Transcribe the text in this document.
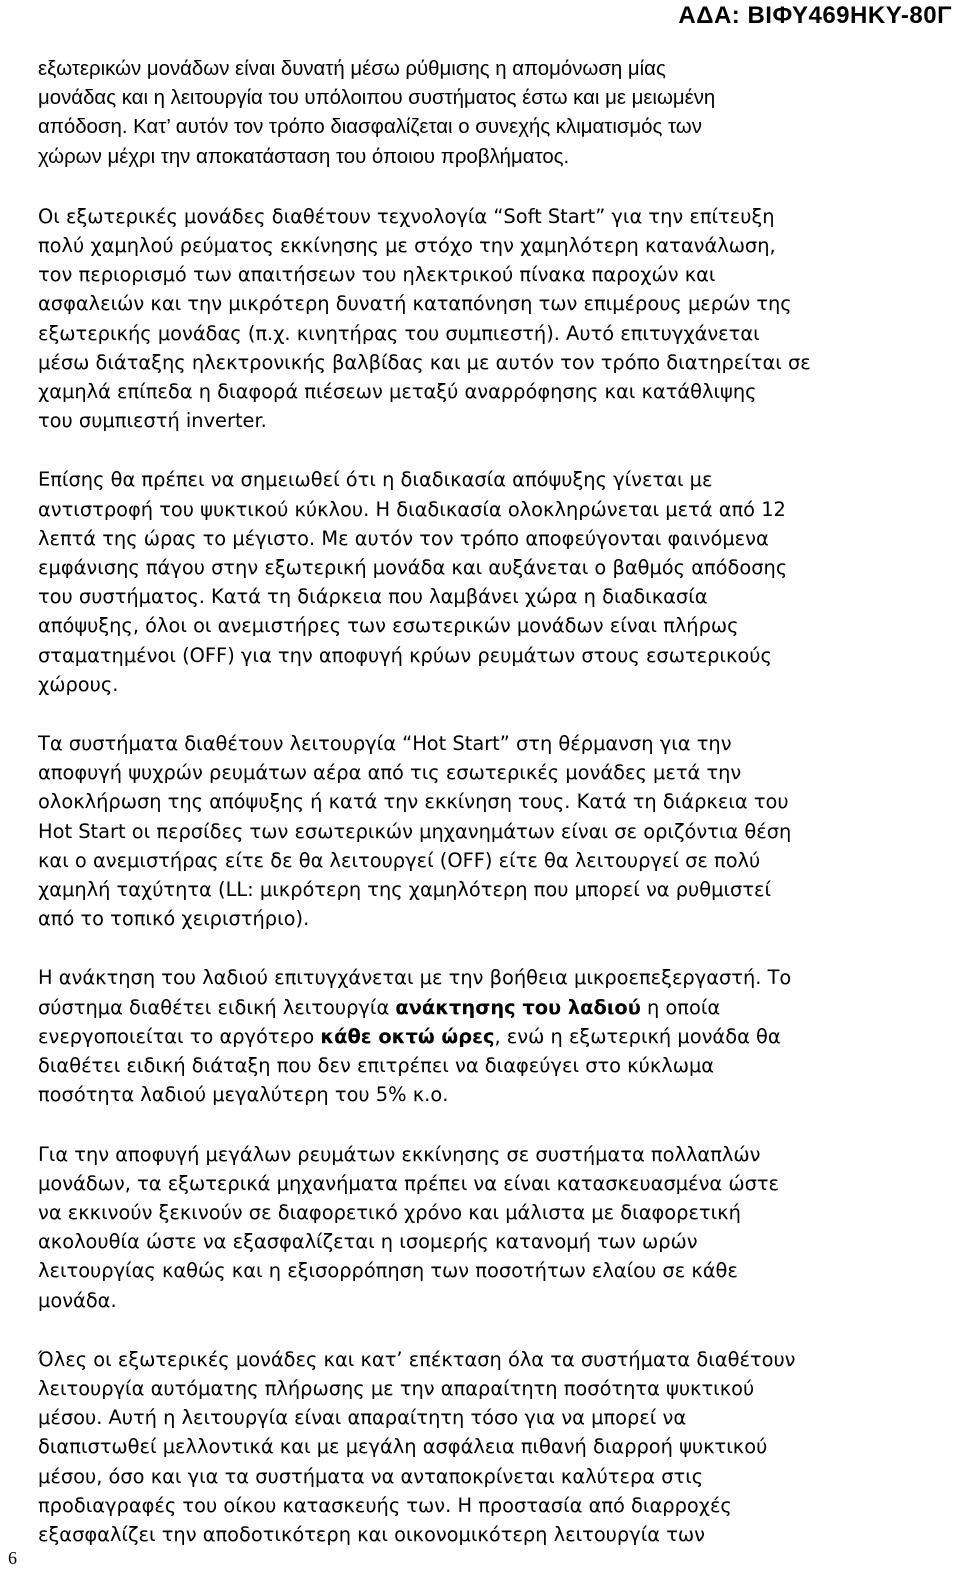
ΑΔΑ: ΒΙΦΥ469ΗΚΥ-80Γ

εξωτερικών μονάδων είναι δυνατή μέσω ρύθμισης η απομόνωση μίας
μονάδας και η λειτουργία του υπόλοιπου συστήματος έστω και με μειωμένη
απόδοση. Κατ’ αυτόν τον τρόπο διασφαλίζεται ο συνεχής κλιματισμός των
χώρων μέχρι την αποκατάσταση του όποιου προβλήματος.

Οι εξωτερικές μονάδες διαθέτουν τεχνολογία “Soft Start” για την επίτευξη
πολύ χαμηλού ρεύματος εκκίνησης με στόχο την χαμηλότερη κατανάλωση,
τον περιορισμό των απαιτήσεων του ηλεκτρικού πίνακα παροχών και
ασφαλειών και την μικρότερη δυνατή καταπόνηση των επιμέρους μερών της
εξωτερικής μονάδας (π.χ. κινητήρας του συμπιεστή). Αυτό επιτυγχάνεται
μέσω διάταξης ηλεκτρονικής βαλβίδας και με αυτόν τον τρόπο διατηρείται σε
χαμηλά επίπεδα η διαφορά πιέσεων μεταξύ αναρρόφησης και κατάθλιψης
του συμπιεστή inverter.

Επίσης θα πρέπει να σημειωθεί ότι η διαδικασία απόψυξης γίνεται με
αντιστροφή του ψυκτικού κύκλου. Η διαδικασία ολοκληρώνεται μετά από 12
λεπτά της ώρας το μέγιστο. Με αυτόν τον τρόπο αποφεύγονται φαινόμενα
εμφάνισης πάγου στην εξωτερική μονάδα και αυξάνεται ο βαθμός απόδοσης
του συστήματος. Κατά τη διάρκεια που λαμβάνει χώρα η διαδικασία
απόψυξης, όλοι οι ανεμιστήρες των εσωτερικών μονάδων είναι πλήρως
σταματημένοι (OFF) για την αποφυγή κρύων ρευμάτων στους εσωτερικούς
χώρους.

Τα συστήματα διαθέτουν λειτουργία “Hot Start” στη θέρμανση για την
αποφυγή ψυχρών ρευμάτων αέρα από τις εσωτερικές μονάδες μετά την
ολοκλήρωση της απόψυξης ή κατά την εκκίνηση τους. Κατά τη διάρκεια του
Hot Start οι περσίδες των εσωτερικών μηχανημάτων είναι σε οριζόντια θέση
και ο ανεμιστήρας είτε δε θα λειτουργεί (OFF) είτε θα λειτουργεί σε πολύ
χαμηλή ταχύτητα (LL: μικρότερη της χαμηλότερη που μπορεί να ρυθμιστεί
από το τοπικό χειριστήριο).

Η ανάκτηση του λαδιού επιτυγχάνεται με την βοήθεια μικροεπεξεργαστή. Το
σύστημα διαθέτει ειδική λειτουργία ανάκτησης του λαδιού η οποία
ενεργοποιείται το αργότερο κάθε οκτώ ώρες, ενώ η εξωτερική μονάδα θα
διαθέτει ειδική διάταξη που δεν επιτρέπει να διαφεύγει στο κύκλωμα
ποσότητα λαδιού μεγαλύτερη του 5% κ.ο.

Για την αποφυγή μεγάλων ρευμάτων εκκίνησης σε συστήματα πολλαπλών
μονάδων, τα εξωτερικά μηχανήματα πρέπει να είναι κατασκευασμένα ώστε
να εκκινούν ξεκινούν σε διαφορετικό χρόνο και μάλιστα με διαφορετική
ακολουθία ώστε να εξασφαλίζεται η ισομερής κατανομή των ωρών
λειτουργίας καθώς και η εξισορρόπηση των ποσοτήτων ελαίου σε κάθε
μονάδα.

Όλες οι εξωτερικές μονάδες και κατ’ επέκταση όλα τα συστήματα διαθέτουν
λειτουργία αυτόματης πλήρωσης με την απαραίτητη ποσότητα ψυκτικού
μέσου. Αυτή η λειτουργία είναι απαραίτητη τόσο για να μπορεί να
διαπιστωθεί μελλοντικά και με μεγάλη ασφάλεια πιθανή διαρροή ψυκτικού
μέσου, όσο και για τα συστήματα να ανταποκρίνεται καλύτερα στις
προδιαγραφές του οίκου κατασκευής των. Η προστασία από διαρροχές
εξασφαλίζει την αποδοτικότερη και οικονομικότερη λειτουργία των

6
